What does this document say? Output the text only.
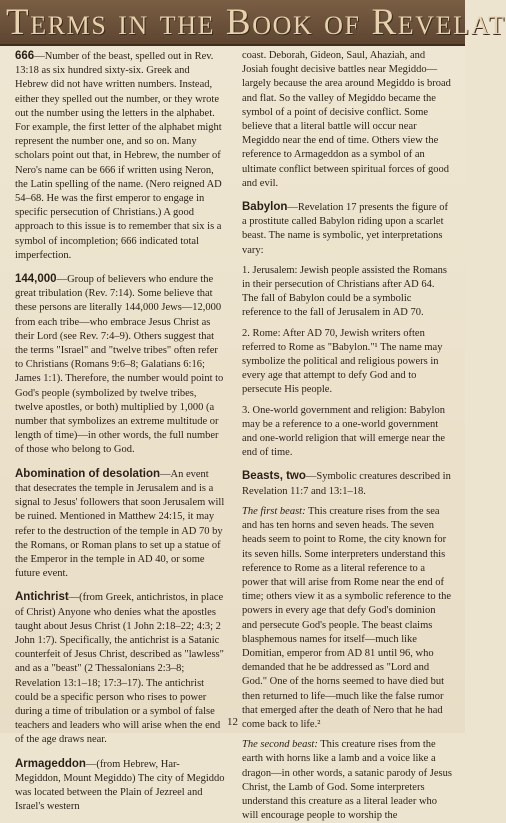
Terms in the Book of Revelat
666—Number of the beast, spelled out in Rev. 13:18 as six hundred sixty-six. Greek and Hebrew did not have written numbers. Instead, either they spelled out the number, or they wrote out the number using the letters in the alphabet. For example, the first letter of the alphabet might represent the number one, and so on. Many scholars point out that, in Hebrew, the number of Nero's name can be 666 if written using Neron, the Latin spelling of the name. (Nero reigned AD 54–68. He was the first emperor to engage in specific persecution of Christians.) A good approach to this issue is to remember that six is a symbol of incompletion; 666 indicated total imperfection.
144,000—Group of believers who endure the great tribulation (Rev. 7:14). Some believe that these persons are literally 144,000 Jews—12,000 from each tribe—who embrace Jesus Christ as their Lord (see Rev. 7:4–9). Others suggest that the terms "Israel" and "twelve tribes" often refer to Christians (Romans 9:6–8; Galatians 6:16; James 1:1). Therefore, the number would point to God's people (symbolized by twelve tribes, twelve apostles, or both) multiplied by 1,000 (a number that symbolizes an extreme multitude or length of time)—in other words, the full number of those who belong to God.
Abomination of desolation—An event that desecrates the temple in Jerusalem and is a signal to Jesus' followers that soon Jerusalem will be ruined. Mentioned in Matthew 24:15, it may refer to the destruction of the temple in AD 70 by the Romans, or Roman plans to set up a statue of the Emperor in the temple in AD 40, or some future event.
Antichrist—(from Greek, antichristos, in place of Christ) Anyone who denies what the apostles taught about Jesus Christ (1 John 2:18–22; 4:3; 2 John 1:7). Specifically, the antichrist is a Satanic counterfeit of Jesus Christ, described as "lawless" and as a "beast" (2 Thessalonians 2:3–8; Revelation 13:1–18; 17:3–17). The antichrist could be a specific person who rises to power during a time of tribulation or a symbol of false teachers and leaders who will arise when the end of the age draws near.
Armageddon—(from Hebrew, Har-Megiddon, Mount Megiddo) The city of Megiddo was located between the Plain of Jezreel and Israel's western
coast. Deborah, Gideon, Saul, Ahaziah, and Josiah fought decisive battles near Megiddo—largely because the area around Megiddo is broad and flat. So the valley of Megiddo became the symbol of a point of decisive conflict. Some believe that a literal battle will occur near Megiddo near the end of time. Others view the reference to Armageddon as a symbol of an ultimate conflict between spiritual forces of good and evil.

Babylon—Revelation 17 presents the figure of a prostitute called Babylon riding upon a scarlet beast. The name is symbolic, yet interpretations vary:

1. Jerusalem: Jewish people assisted the Romans in their persecution of Christians after AD 64. The fall of Babylon could be a symbolic reference to the fall of Jerusalem in AD 70.

2. Rome: After AD 70, Jewish writers often referred to Rome as "Babylon."¹ The name may symbolize the political and religious powers in every age that attempt to defy God and to persecute His people.

3. One-world government and religion: Babylon may be a reference to a one-world government and one-world religion that will emerge near the end of time.

Beasts, two—Symbolic creatures described in Revelation 11:7 and 13:1–18.

The first beast: This creature rises from the sea and has ten horns and seven heads. The seven heads seem to point to Rome, the city known for its seven hills. Some interpreters understand this reference to Rome as a literal reference to a power that will arise from Rome near the end of time; others view it as a symbolic reference to the powers in every age that defy God's dominion and persecute God's people. The beast claims blasphemous names for itself—much like Domitian, emperor from AD 81 until 96, who demanded that he be addressed as "Lord and God." One of the horns seemed to have died but then returned to life—much like the false rumor that emerged after the death of Nero that he had come back to life.²

The second beast: This creature rises from the earth with horns like a lamb and a voice like a dragon—in other words, a satanic parody of Jesus Christ, the Lamb of God. Some interpreters understand this creature as a literal leader who will encourage people to worship the

12
